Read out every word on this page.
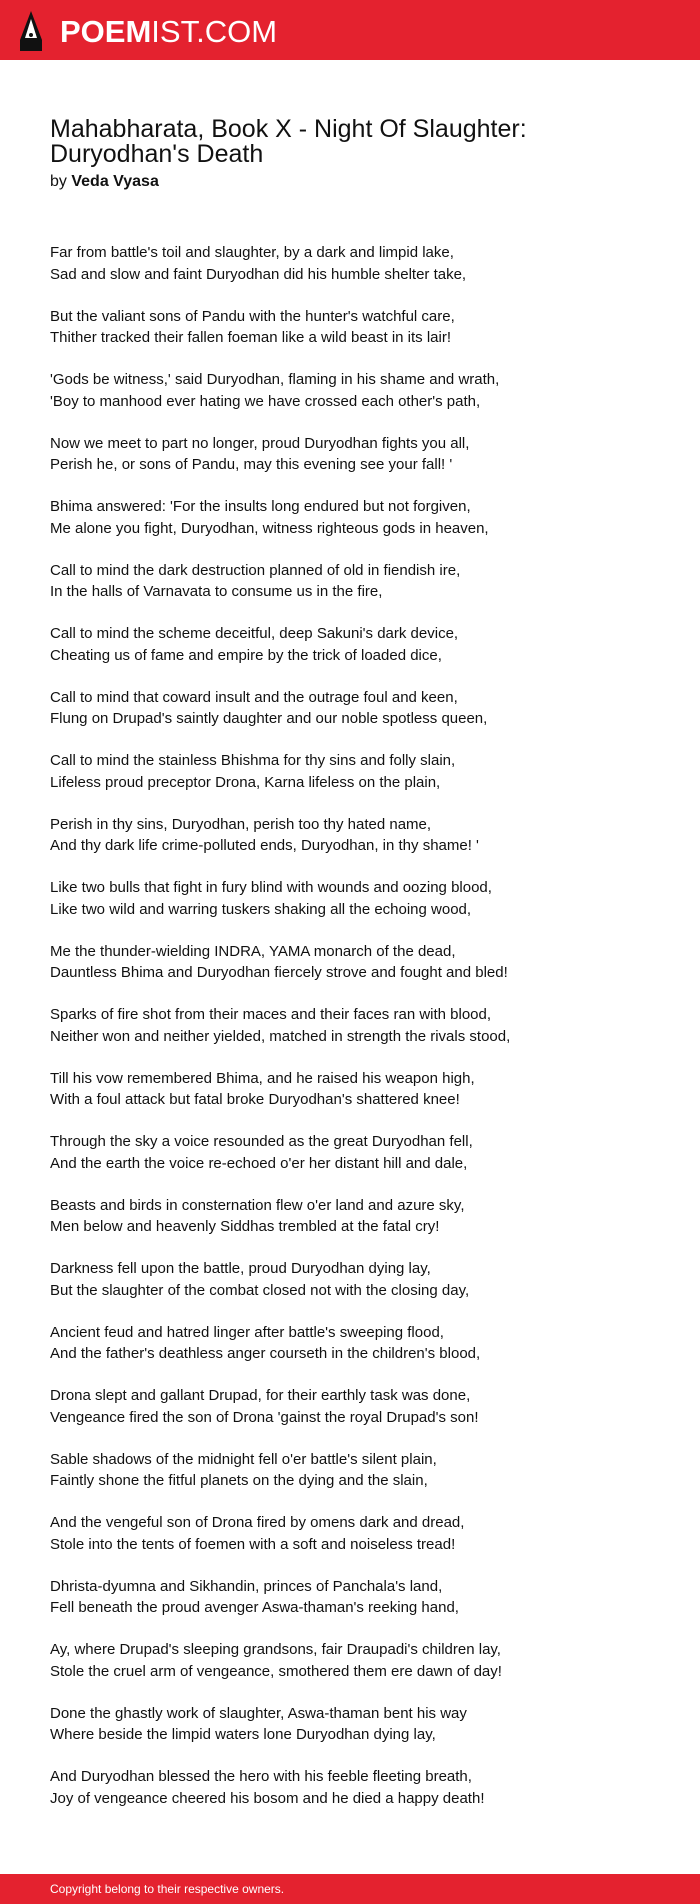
POEMIST.COM
Mahabharata, Book X - Night Of Slaughter:
Duryodhan's Death
by Veda Vyasa
Far from battle's toil and slaughter, by a dark and limpid lake,
Sad and slow and faint Duryodhan did his humble shelter take,
But the valiant sons of Pandu with the hunter's watchful care,
Thither tracked their fallen foeman like a wild beast in its lair!
'Gods be witness,' said Duryodhan, flaming in his shame and wrath,
'Boy to manhood ever hating we have crossed each other's path,
Now we meet to part no longer, proud Duryodhan fights you all,
Perish he, or sons of Pandu, may this evening see your fall! '
Bhima answered: 'For the insults long endured but not forgiven,
Me alone you fight, Duryodhan, witness righteous gods in heaven,
Call to mind the dark destruction planned of old in fiendish ire,
In the halls of Varnavata to consume us in the fire,
Call to mind the scheme deceitful, deep Sakuni's dark device,
Cheating us of fame and empire by the trick of loaded dice,
Call to mind that coward insult and the outrage foul and keen,
Flung on Drupad's saintly daughter and our noble spotless queen,
Call to mind the stainless Bhishma for thy sins and folly slain,
Lifeless proud preceptor Drona, Karna lifeless on the plain,
Perish in thy sins, Duryodhan, perish too thy hated name,
And thy dark life crime-polluted ends, Duryodhan, in thy shame! '
Like two bulls that fight in fury blind with wounds and oozing blood,
Like two wild and warring tuskers shaking all the echoing wood,
Me the thunder-wielding INDRA, YAMA monarch of the dead,
Dauntless Bhima and Duryodhan fiercely strove and fought and bled!
Sparks of fire shot from their maces and their faces ran with blood,
Neither won and neither yielded, matched in strength the rivals stood,
Till his vow remembered Bhima, and he raised his weapon high,
With a foul attack but fatal broke Duryodhan's shattered knee!
Through the sky a voice resounded as the great Duryodhan fell,
And the earth the voice re-echoed o'er her distant hill and dale,
Beasts and birds in consternation flew o'er land and azure sky,
Men below and heavenly Siddhas trembled at the fatal cry!
Darkness fell upon the battle, proud Duryodhan dying lay,
But the slaughter of the combat closed not with the closing day,
Ancient feud and hatred linger after battle's sweeping flood,
And the father's deathless anger courseth in the children's blood,
Drona slept and gallant Drupad, for their earthly task was done,
Vengeance fired the son of Drona 'gainst the royal Drupad's son!
Sable shadows of the midnight fell o'er battle's silent plain,
Faintly shone the fitful planets on the dying and the slain,
And the vengeful son of Drona fired by omens dark and dread,
Stole into the tents of foemen with a soft and noiseless tread!
Dhrista-dyumna and Sikhandin, princes of Panchala's land,
Fell beneath the proud avenger Aswa-thaman's reeking hand,
Ay, where Drupad's sleeping grandsons, fair Draupadi's children lay,
Stole the cruel arm of vengeance, smothered them ere dawn of day!
Done the ghastly work of slaughter, Aswa-thaman bent his way
Where beside the limpid waters lone Duryodhan dying lay,
And Duryodhan blessed the hero with his feeble fleeting breath,
Joy of vengeance cheered his bosom and he died a happy death!
Copyright belong to their respective owners.
